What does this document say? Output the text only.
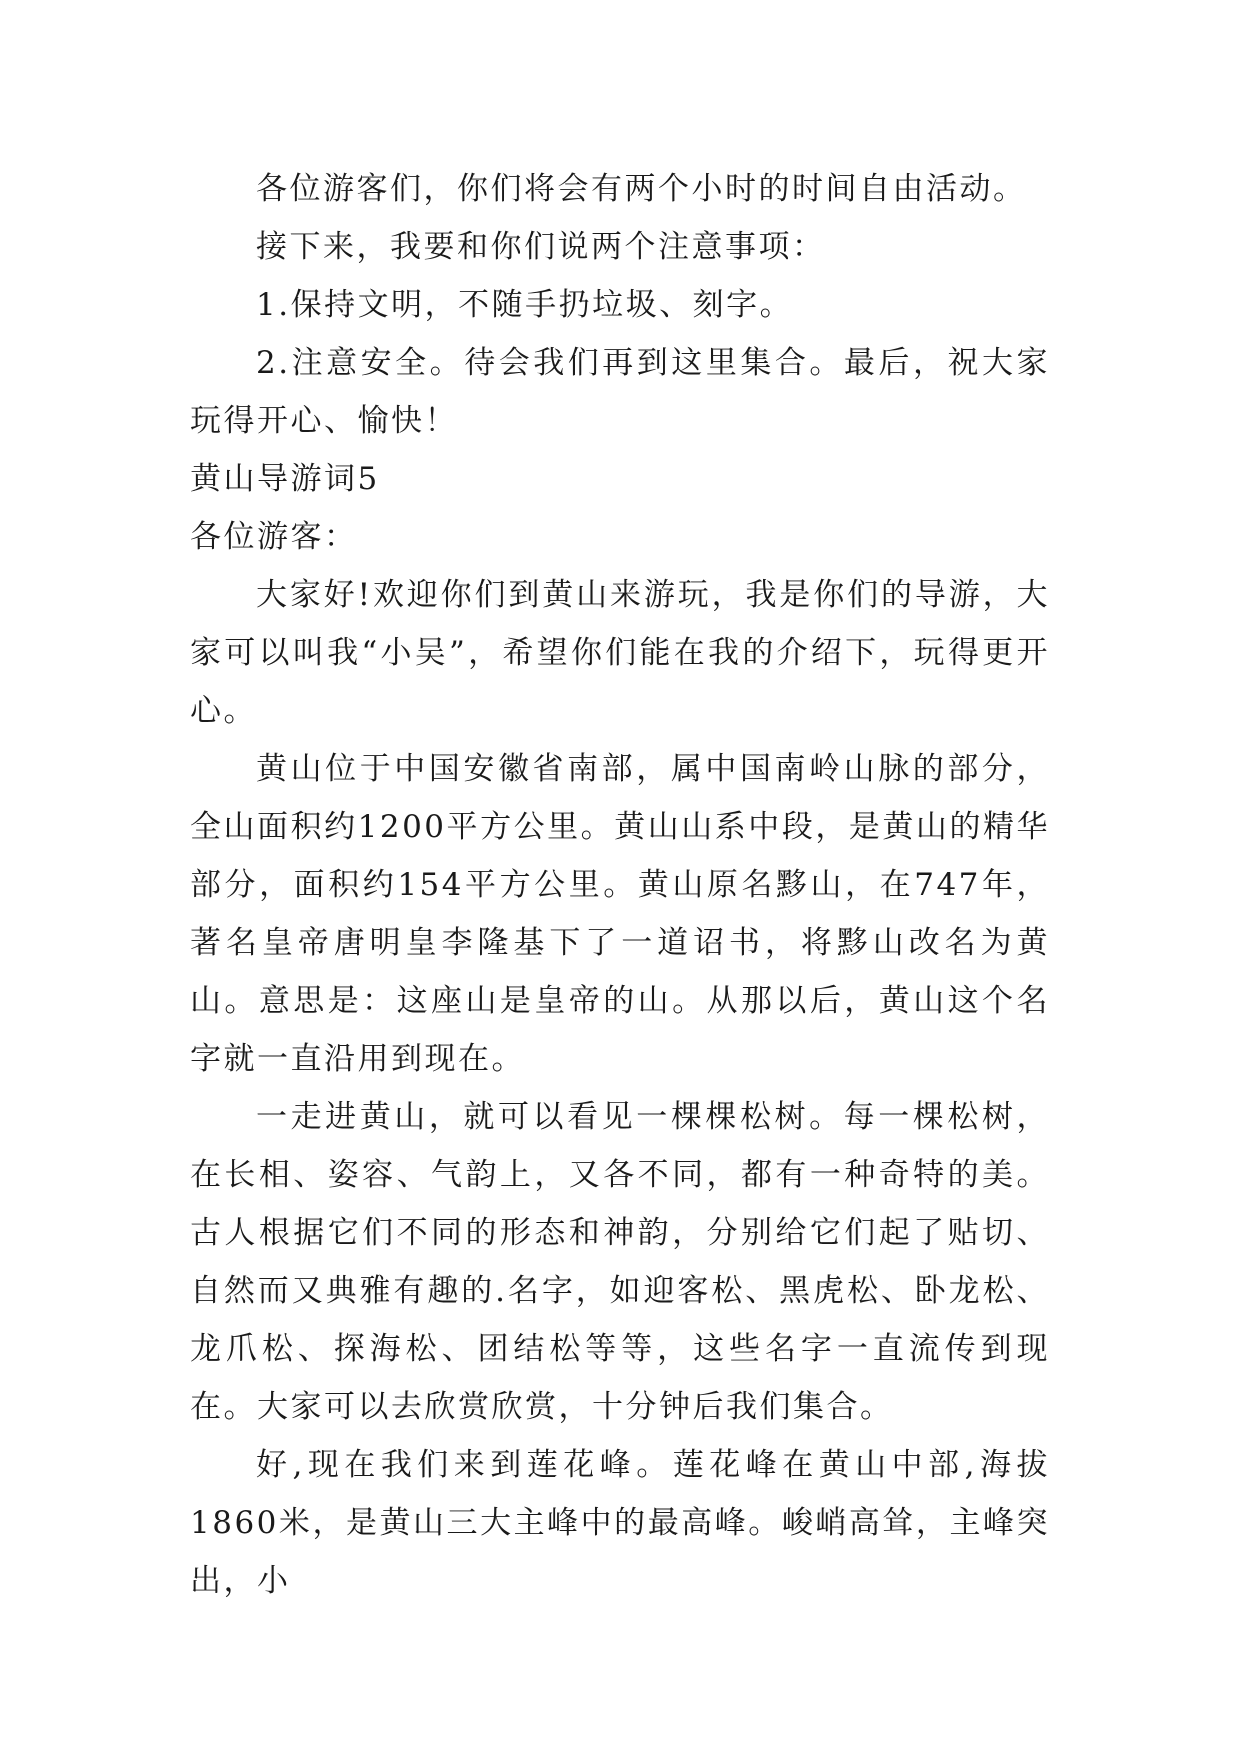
各位游客们，你们将会有两个小时的时间自由活动。

接下来，我要和你们说两个注意事项：

1.保持文明，不随手扔垃圾、刻字。

2.注意安全。待会我们再到这里集合。最后，祝大家玩得开心、愉快！

黄山导游词5

各位游客：

大家好!欢迎你们到黄山来游玩，我是你们的导游，大家可以叫我“小吴”，希望你们能在我的介绍下，玩得更开心。

黄山位于中国安徽省南部，属中国南岭山脉的部分，全山面积约1200平方公里。黄山山系中段，是黄山的精华部分，面积约154平方公里。黄山原名黟山，在747年，著名皇帝唐明皇李隆基下了一道诏书，将黟山改名为黄山。意思是：这座山是皇帝的山。从那以后，黄山这个名字就一直沿用到现在。

一走进黄山，就可以看见一棵棵松树。每一棵松树，在长相、姿容、气韵上，又各不同，都有一种奇特的美。古人根据它们不同的形态和神韵，分别给它们起了贴切、自然而又典雅有趣的.名字，如迎客松、黑虎松、卧龙松、龙爪松、探海松、团结松等等，这些名字一直流传到现在。大家可以去欣赏欣赏，十分钟后我们集合。

好,现在我们来到莲花峰。莲花峰在黄山中部,海拔1860米，是黄山三大主峰中的最高峰。峻峭高耸，主峰突出，小
